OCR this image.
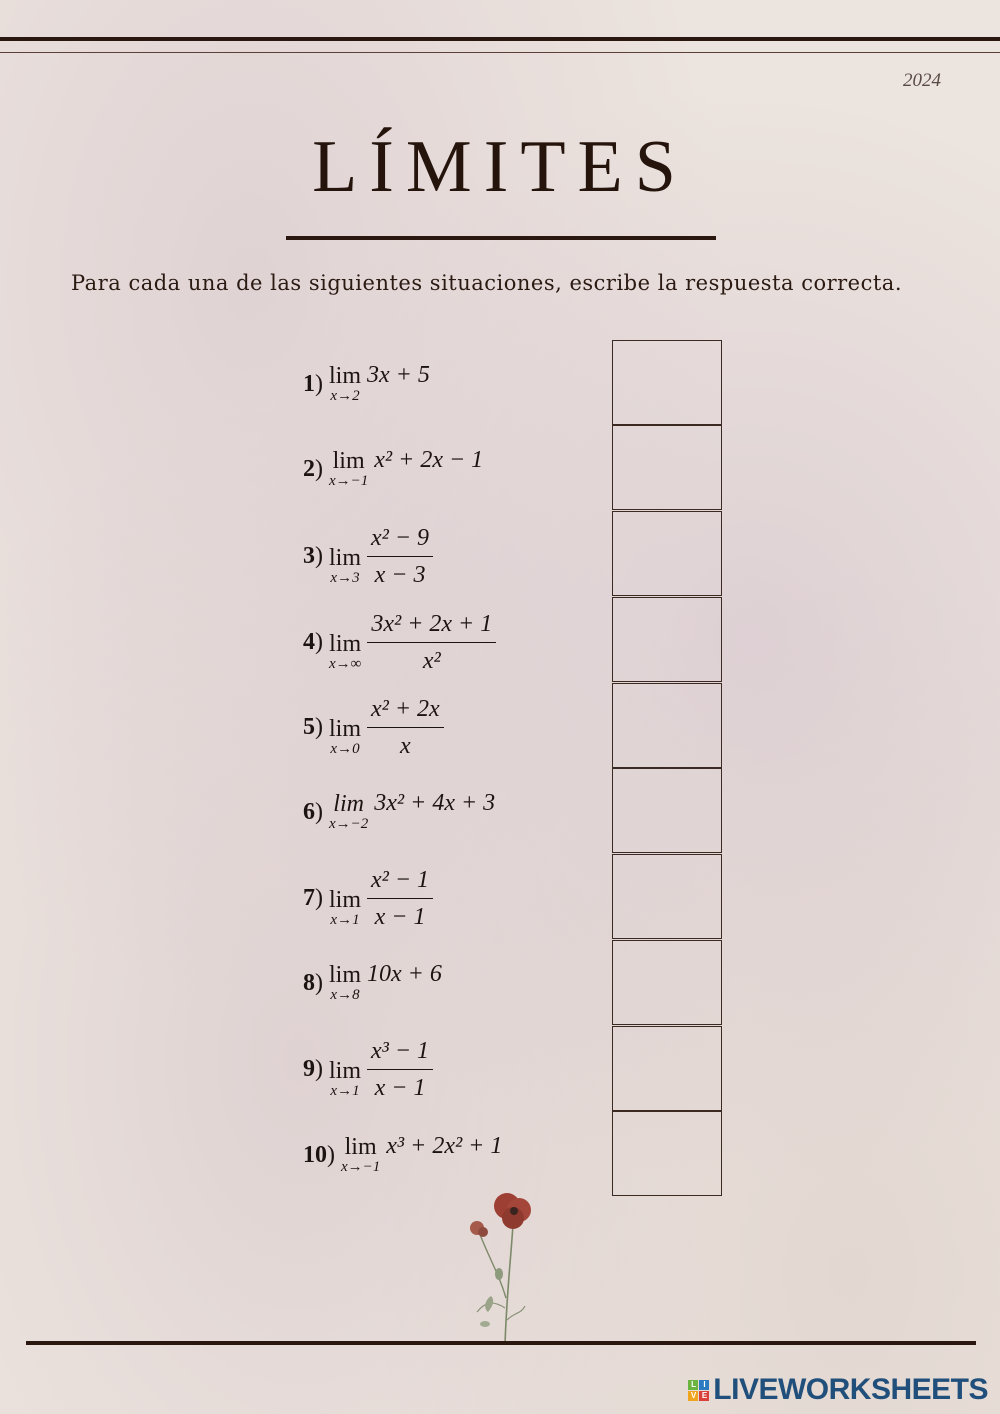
2024
LÍMITES
Para cada una de las siguientes situaciones, escribe la respuesta correcta.
1 ) lim
x→2
3x + 5
2 ) lim
x→−1
x² + 2x − 1
3 ) lim
$x\to 3 \frac{\text{x² − 9}}{x - 3}$
4 ) lim
$x\to\infty \frac{\text{3x² + 2x + 1}}{\text{x²}}$
5 ) lim
$x\to 0 \frac{\text{x² + 2x}}{x}$
6 ) lim
x→−2
3x² + 4x + 3
7 ) lim
$x\to 1 \frac{\text{x² − 1}}{x - 1}$
8 ) lim
x→8
10x + 6
9 ) lim
$x\to 1 \frac{\text{x³ − 1}}{x - 1}$
10 ) lim
x→−1
x³ + 2x² + 1
L I
V E LIVEWORKSHEETS
